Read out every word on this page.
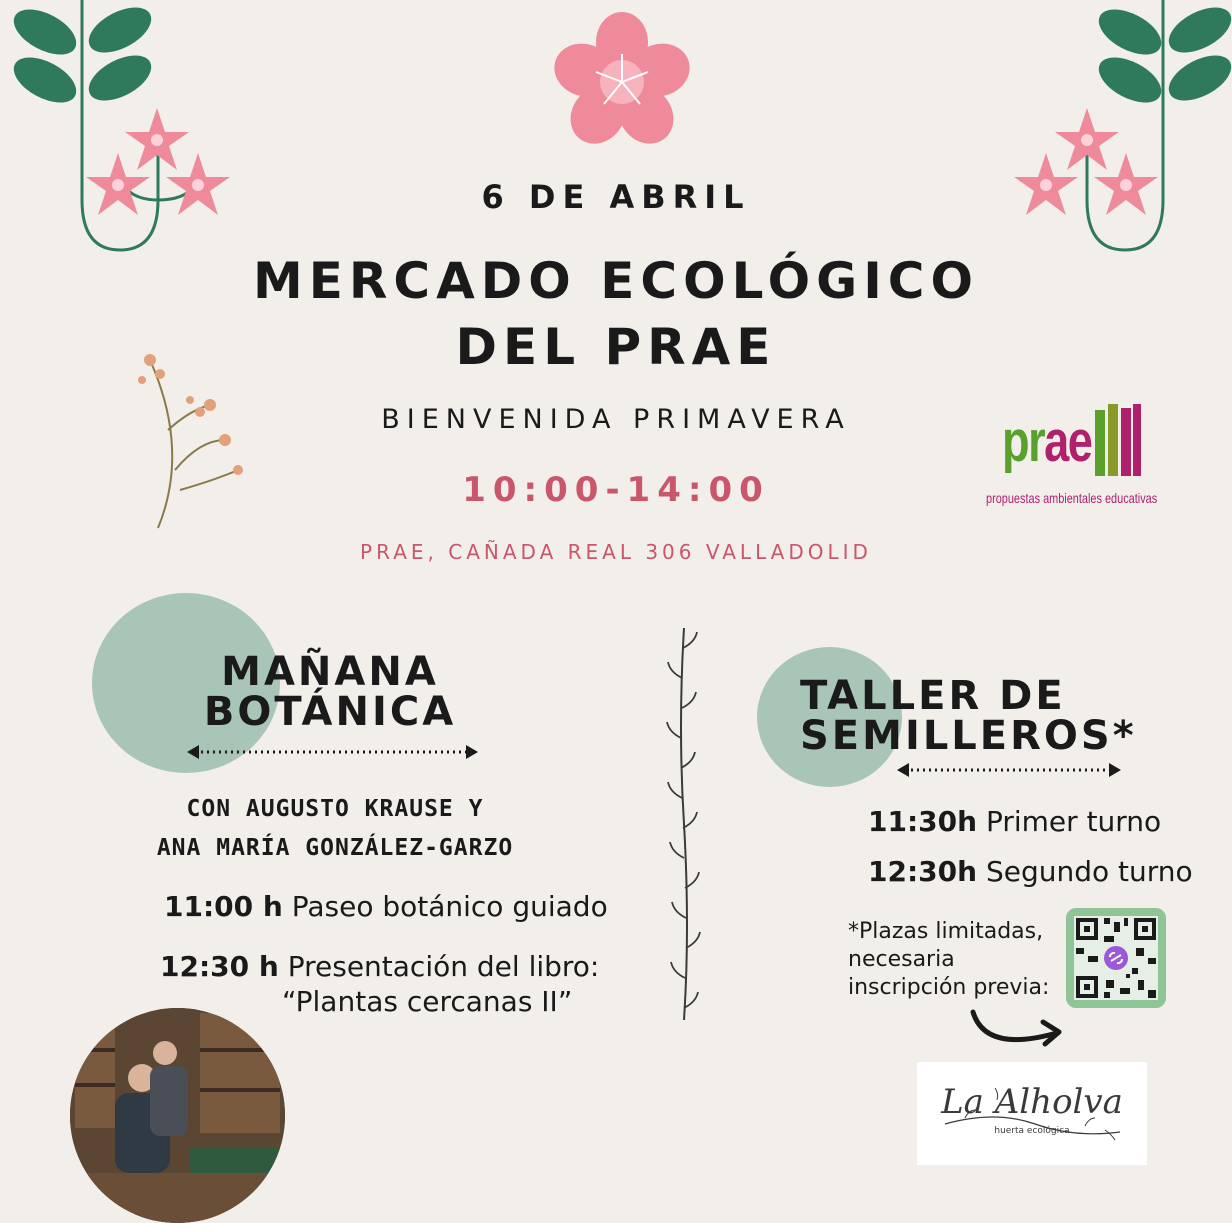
6 DE ABRIL
MERCADO ECOLÓGICO
DEL PRAE
BIENVENIDA PRIMAVERA
10:00-14:00
PRAE, CAÑADA REAL 306 VALLADOLID
prae
propuestas ambientales educativas
MAÑANA
BOTÁNICA
CON AUGUSTO KRAUSE Y
ANA MARÍA GONZÁLEZ-GARZO
11:00 h Paseo botánico guiado
12:30 h Presentación del libro:
“Plantas cercanas II”
TALLER DE
SEMILLEROS*
11:30h Primer turno
12:30h Segundo turno
*Plazas limitadas,
necesaria
inscripción previa:
La Alholva
huerta ecológica
